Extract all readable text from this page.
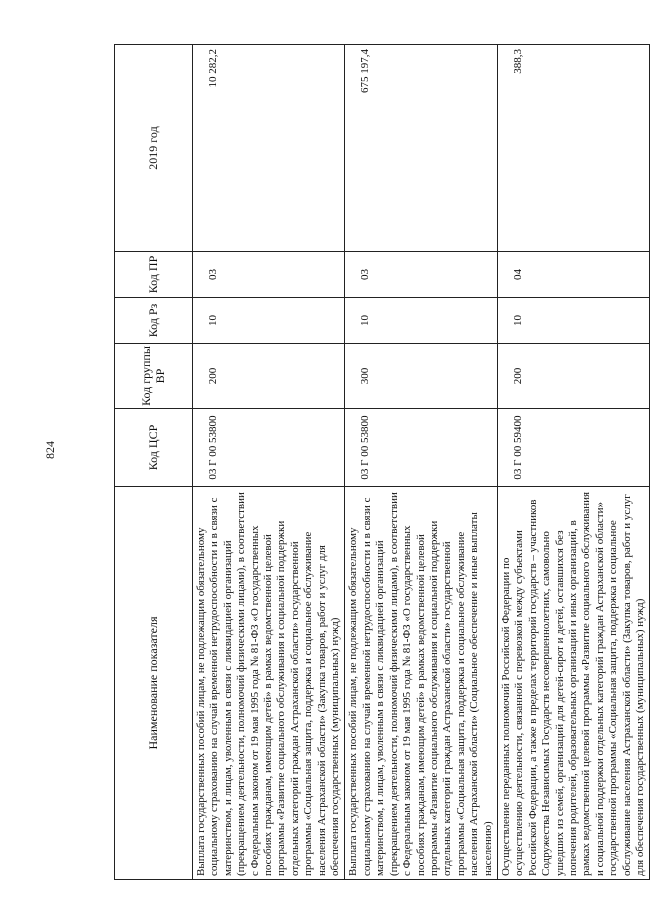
824
Наименование показателя	Код ЦСР	Код группы ВР	Код Рз	Код ПР	2019 год
Выплата государственных пособий лицам, не подлежащим обязательному социальному страхованию на случай временной нетрудоспособности и в связи с материнством, и лицам, уволенным в связи с ликвидацией организаций (прекращением деятельности, полномочий физическими лицами), в соответствии с Федеральным законом от 19 мая 1995 года № 81-ФЗ «О государственных пособиях гражданам, имеющим детей» в рамках ведомственной целевой программы «Развитие социального обслуживания и социальной поддержки отдельных категорий граждан Астраханской области» государственной программы «Социальная защита, поддержка и социальное обслуживание населения Астраханской области» (Закупка товаров, работ и услуг для обеспечения государственных (муниципальных) нужд)	03 Г 00 53800	200	10	03	10 282,2
Выплата государственных пособий лицам, не подлежащим обязательному социальному страхованию на случай временной нетрудоспособности и в связи с материнством, и лицам, уволенным в связи с ликвидацией организаций (прекращением деятельности, полномочий физическими лицами), в соответствии с Федеральным законом от 19 мая 1995 года № 81-ФЗ «О государственных пособиях гражданам, имеющим детей» в рамках ведомственной целевой программы «Развитие социального обслуживания и социальной поддержки отдельных категорий граждан Астраханской области» государственной программы «Социальная защита, поддержка и социальное обслуживание населения Астраханской области» (Социальное обеспечение и иные выплаты населению)	03 Г 00 53800	300	10	03	675 197,4
Осуществление переданных полномочий Российской Федерации по осуществлению деятельности, связанной с перевозкой между субъектами Российской Федерации, а также в пределах территорий государств – участников Содружества Независимых Государств несовершеннолетних, самовольно ушедших из семей, организаций для детей-сирот и детей, оставшихся без попечения родителей, образовательных организаций и иных организаций, в рамках ведомственной целевой программы «Развитие социального обслуживания и социальной поддержки отдельных категорий граждан Астраханской области» государственной программы «Социальная защита, поддержка и социальное обслуживание населения Астраханской области» (Закупка товаров, работ и услуг для обеспечения государственных (муниципальных) нужд)	03 Г 00 59400	200	10	04	388,3
